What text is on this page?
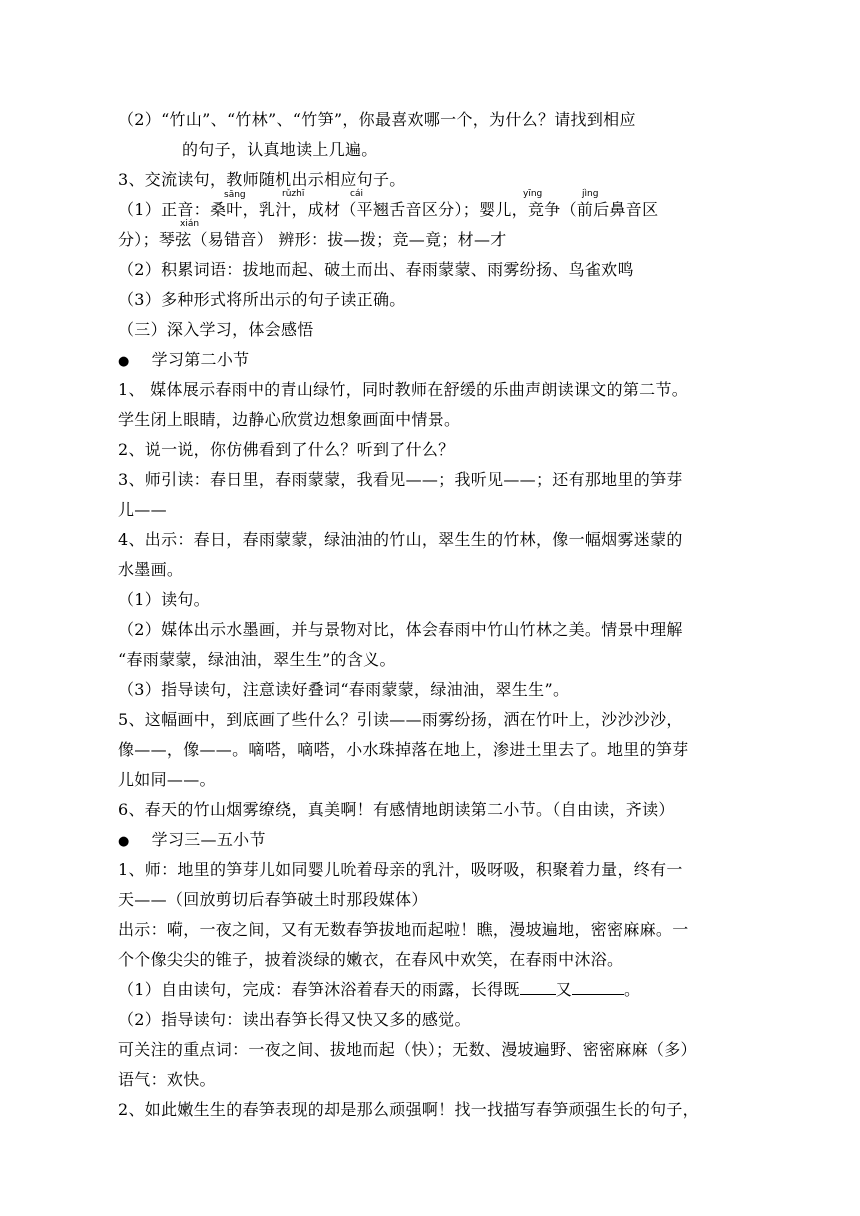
（2）“竹山”、“竹林”、“竹笋”，你最喜欢哪一个，为什么？请找到相应
的句子，认真地读上几遍。
3、交流读句，教师随机出示相应句子。
sāng	rǔzhī	cái	yīng	jìng
（1）正音：桑叶，乳汁，成材（平翘舌音区分）；婴儿，竞争（前后鼻音区
xián
分）；琴弦（易错音） 辨形：拔—拨；竞—竟；材—才
（2）积累词语：拔地而起、破土而出、春雨蒙蒙、雨雾纷扬、鸟雀欢鸣
（3）多种形式将所出示的句子读正确。
（三）深入学习，体会感悟
● 学习第二小节
1、 媒体展示春雨中的青山绿竹，同时教师在舒缓的乐曲声朗读课文的第二节。
学生闭上眼睛，边静心欣赏边想象画面中情景。
2、说一说，你仿佛看到了什么？听到了什么？
3、师引读：春日里，春雨蒙蒙，我看见——；我听见——；还有那地里的笋芽
儿——
4、出示：春日，春雨蒙蒙，绿油油的竹山，翠生生的竹林，像一幅烟雾迷蒙的
水墨画。
（1）读句。
（2）媒体出示水墨画，并与景物对比，体会春雨中竹山竹林之美。情景中理解
“春雨蒙蒙，绿油油，翠生生”的含义。
（3）指导读句，注意读好叠词“春雨蒙蒙，绿油油，翠生生”。
5、这幅画中，到底画了些什么？引读——雨雾纷扬，洒在竹叶上，沙沙沙沙，
像——，像——。嘀嗒，嘀嗒，小水珠掉落在地上，渗进土里去了。地里的笋芽
儿如同——。
6、春天的竹山烟雾缭绕，真美啊！有感情地朗读第二小节。（自由读，齐读）
● 学习三—五小节
1、师：地里的笋芽儿如同婴儿吮着母亲的乳汁，吸呀吸，积聚着力量，终有一
天——（回放剪切后春笋破土时那段媒体）
出示：嗬，一夜之间，又有无数春笋拔地而起啦！瞧，漫坡遍地，密密麻麻。一
个个像尖尖的锥子，披着淡绿的嫩衣，在春风中欢笑，在春雨中沐浴。
（1）自由读句，完成：春笋沐浴着春天的雨露，长得既 又	。
（2）指导读句：读出春笋长得又快又多的感觉。
可关注的重点词：一夜之间、拔地而起（快）；无数、漫坡遍野、密密麻麻（多）
语气：欢快。
2、如此嫩生生的春笋表现的却是那么顽强啊！找一找描写春笋顽强生长的句子，
